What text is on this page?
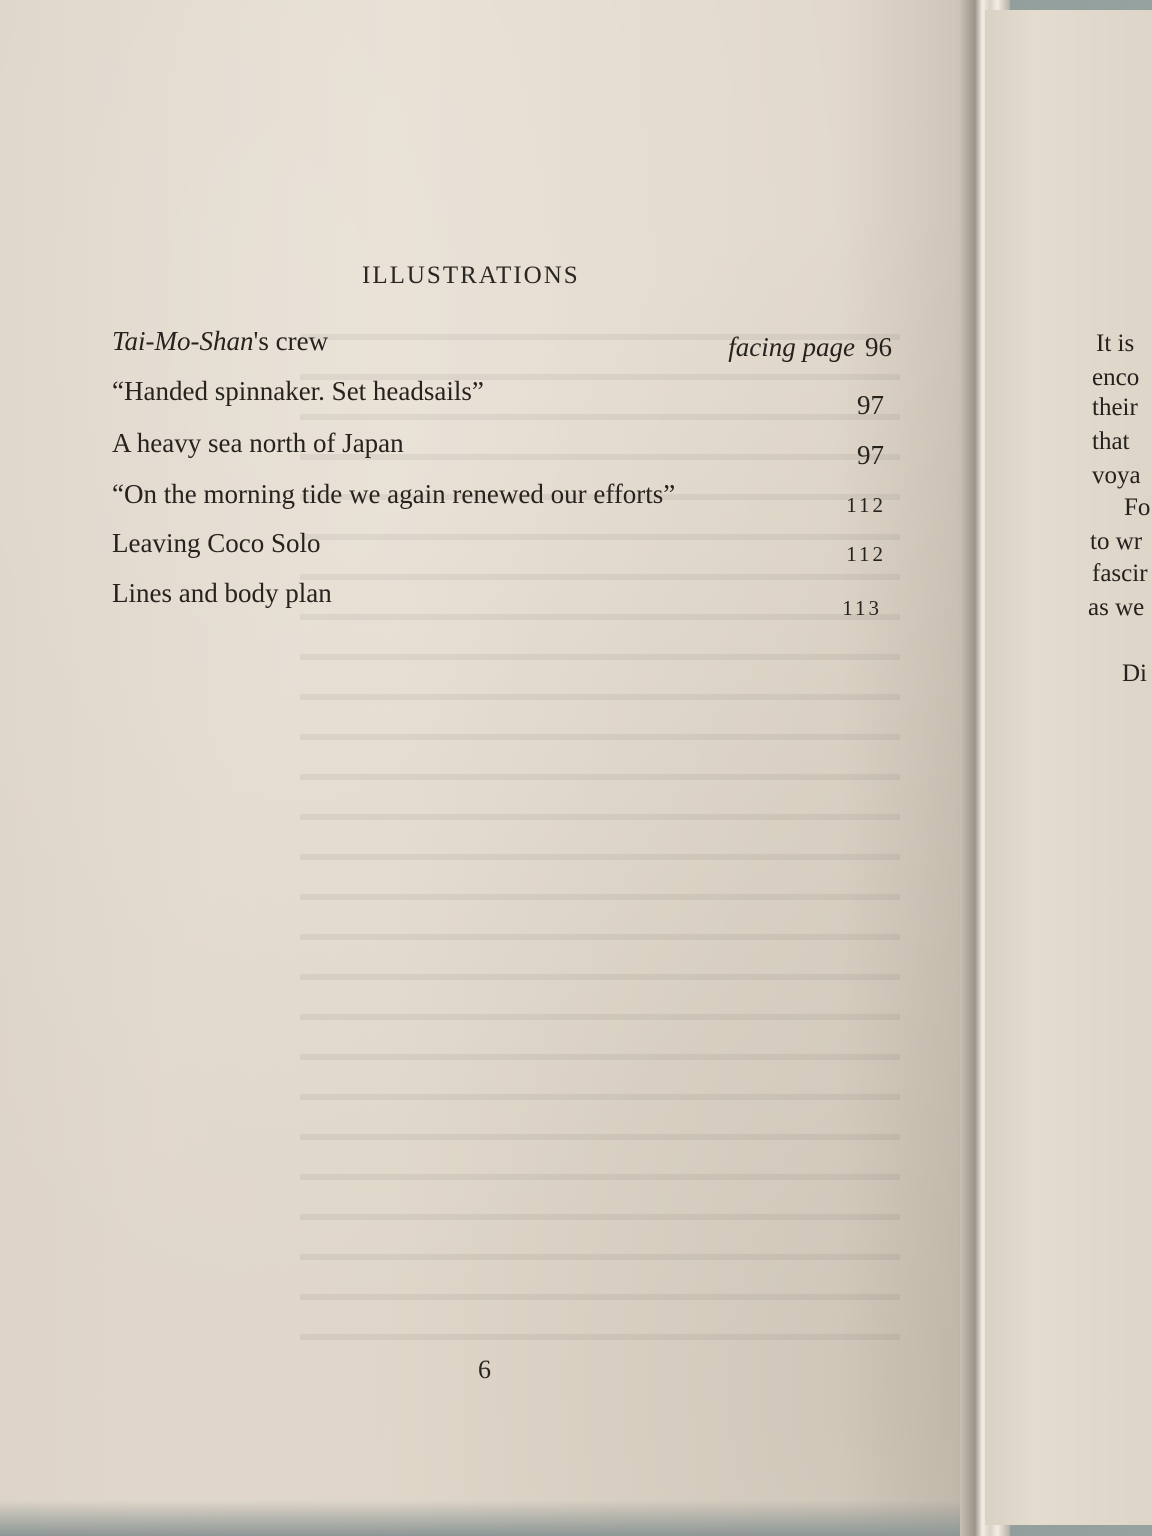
ILLUSTRATIONS
Tai-Mo-Shan's crew	facing page 96
“Handed spinnaker. Set headsails”	97
A heavy sea north of Japan	97
“On the morning tide we again renewed our efforts”	112
Leaving Coco Solo	112
Lines and body plan	113
6
It is
enco
their
that
voya
Fo
to wr
fascir
as we
Di
